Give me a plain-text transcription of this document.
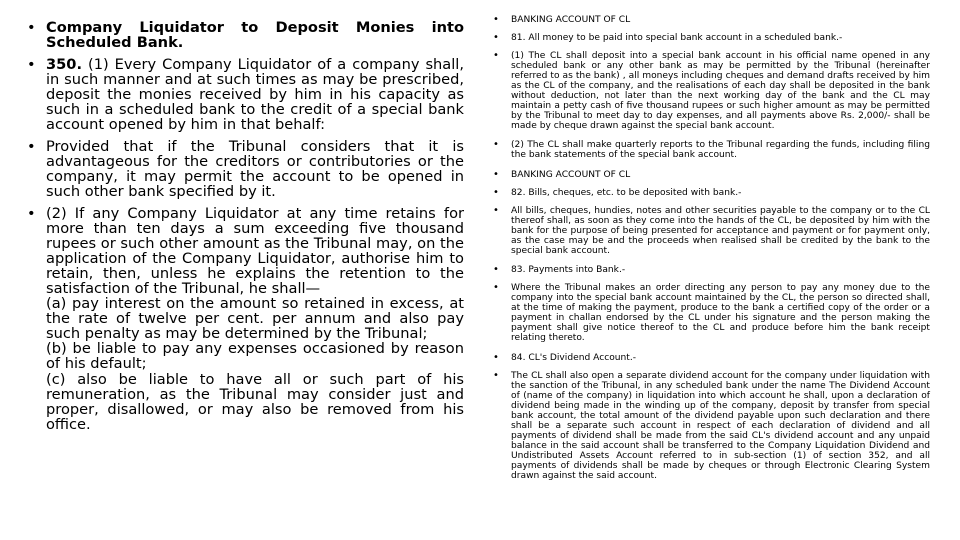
• Company Liquidator to Deposit Monies into Scheduled Bank.
• 350. (1) Every Company Liquidator of a company shall, in such manner and at such times as may be prescribed, deposit the monies received by him in his capacity as such in a scheduled bank to the credit of a special bank account opened by him in that behalf:
• Provided that if the Tribunal considers that it is advantageous for the creditors or contributories or the company, it may permit the account to be opened in such other bank specified by it.
• (2) If any Company Liquidator at any time retains for more than ten days a sum exceeding five thousand rupees or such other amount as the Tribunal may, on the application of the Company Liquidator, authorise him to retain, then, unless he explains the retention to the satisfaction of the Tribunal, he shall—
(a) pay interest on the amount so retained in excess, at the rate of twelve per cent. per annum and also pay such penalty as may be determined by the Tribunal;
(b) be liable to pay any expenses occasioned by reason of his default;
(c) also be liable to have all or such part of his remuneration, as the Tribunal may consider just and proper, disallowed, or may also be removed from his office.
• BANKING ACCOUNT OF CL
• 81. All money to be paid into special bank account in a scheduled bank.-
• (1) The CL shall deposit into a special bank account in his official name opened in any scheduled bank or any other bank as may be permitted by the Tribunal (hereinafter referred to as the bank) , all moneys including cheques and demand drafts received by him as the CL of the company, and the realisations of each day shall be deposited in the bank without deduction, not later than the next working day of the bank and the CL may maintain a petty cash of five thousand rupees or such higher amount as may be permitted by the Tribunal to meet day to day expenses, and all payments above Rs. 2,000/- shall be made by cheque drawn against the special bank account.
• (2) The CL shall make quarterly reports to the Tribunal regarding the funds, including filing the bank statements of the special bank account.
• BANKING ACCOUNT OF CL
• 82. Bills, cheques, etc. to be deposited with bank.-
• All bills, cheques, hundies, notes and other securities payable to the company or to the CL thereof shall, as soon as they come into the hands of the CL, be deposited by him with the bank for the purpose of being presented for acceptance and payment or for payment only, as the case may be and the proceeds when realised shall be credited by the bank to the special bank account.
• 83. Payments into Bank.-
• Where the Tribunal makes an order directing any person to pay any money due to the company into the special bank account maintained by the CL, the person so directed shall, at the time of making the payment, produce to the bank a certified copy of the order or a payment in challan endorsed by the CL under his signature and the person making the payment shall give notice thereof to the CL and produce before him the bank receipt relating thereto.
• 84. CL's Dividend Account.-
• The CL shall also open a separate dividend account for the company under liquidation with the sanction of the Tribunal, in any scheduled bank under the name The Dividend Account of (name of the company) in liquidation into which account he shall, upon a declaration of dividend being made in the winding up of the company, deposit by transfer from special bank account, the total amount of the dividend payable upon such declaration and there shall be a separate such account in respect of each declaration of dividend and all payments of dividend shall be made from the said CL's dividend account and any unpaid balance in the said account shall be transferred to the Company Liquidation Dividend and Undistributed Assets Account referred to in sub-section (1) of section 352, and all payments of dividends shall be made by cheques or through Electronic Clearing System drawn against the said account.
